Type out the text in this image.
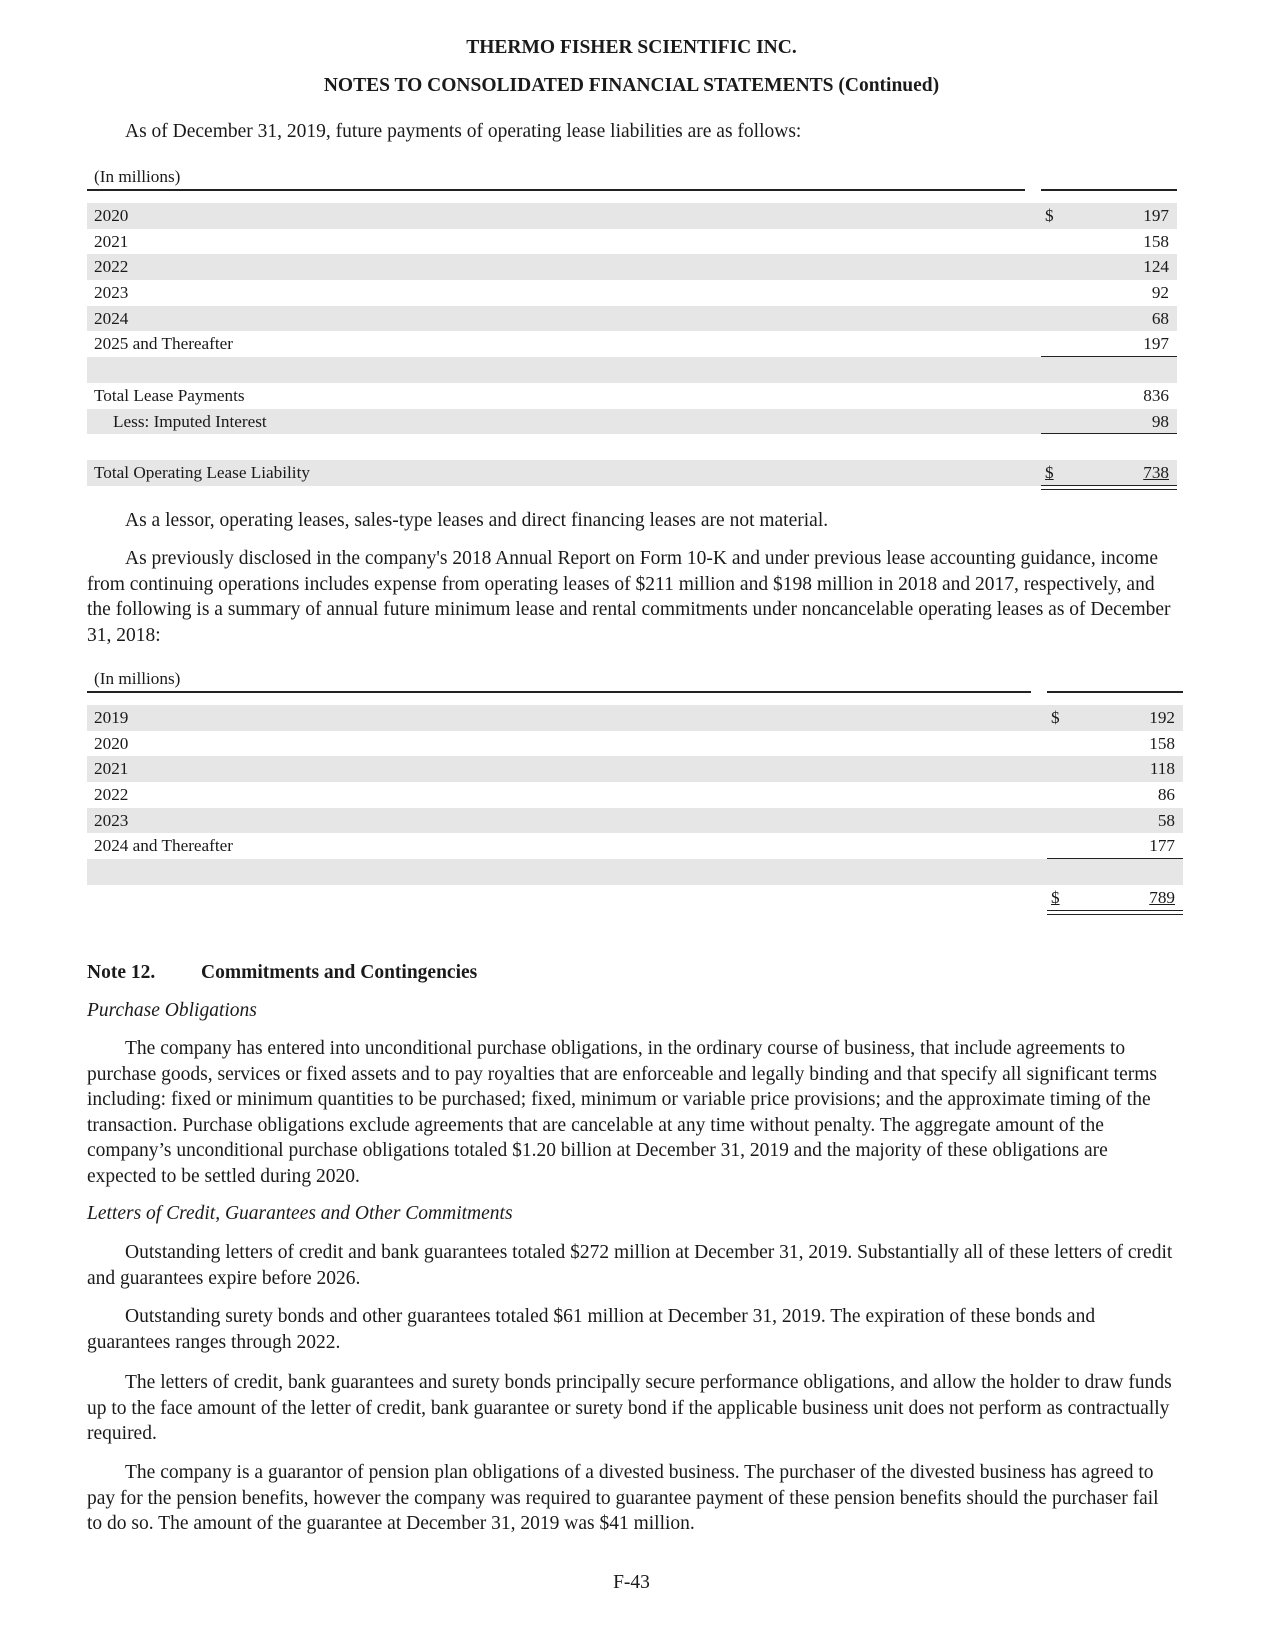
THERMO FISHER SCIENTIFIC INC.
NOTES TO CONSOLIDATED FINANCIAL STATEMENTS (Continued)
As of December 31, 2019, future payments of operating lease liabilities are as follows:
(In millions)
2020	$	197
2021	158
2022	124
2023	92
2024	68
2025 and Thereafter	197
Total Lease Payments	836
Less: Imputed Interest	98
Total Operating Lease Liability	$	738
As a lessor, operating leases, sales-type leases and direct financing leases are not material.
As previously disclosed in the company's 2018 Annual Report on Form 10-K and under previous lease accounting guidance, income from continuing operations includes expense from operating leases of $211 million and $198 million in 2018 and 2017, respectively, and the following is a summary of annual future minimum lease and rental commitments under noncancelable operating leases as of December 31, 2018:
(In millions)
2019	$	192
2020	158
2021	118
2022	86
2023	58
2024 and Thereafter	177
$	789
Note 12. Commitments and Contingencies
Purchase Obligations
The company has entered into unconditional purchase obligations, in the ordinary course of business, that include agreements to purchase goods, services or fixed assets and to pay royalties that are enforceable and legally binding and that specify all significant terms including: fixed or minimum quantities to be purchased; fixed, minimum or variable price provisions; and the approximate timing of the transaction. Purchase obligations exclude agreements that are cancelable at any time without penalty. The aggregate amount of the company’s unconditional purchase obligations totaled $1.20 billion at December 31, 2019 and the majority of these obligations are expected to be settled during 2020.
Letters of Credit, Guarantees and Other Commitments
Outstanding letters of credit and bank guarantees totaled $272 million at December 31, 2019. Substantially all of these letters of credit and guarantees expire before 2026.
Outstanding surety bonds and other guarantees totaled $61 million at December 31, 2019. The expiration of these bonds and guarantees ranges through 2022.
The letters of credit, bank guarantees and surety bonds principally secure performance obligations, and allow the holder to draw funds up to the face amount of the letter of credit, bank guarantee or surety bond if the applicable business unit does not perform as contractually required.
The company is a guarantor of pension plan obligations of a divested business. The purchaser of the divested business has agreed to pay for the pension benefits, however the company was required to guarantee payment of these pension benefits should the purchaser fail to do so. The amount of the guarantee at December 31, 2019 was $41 million.
F-43
